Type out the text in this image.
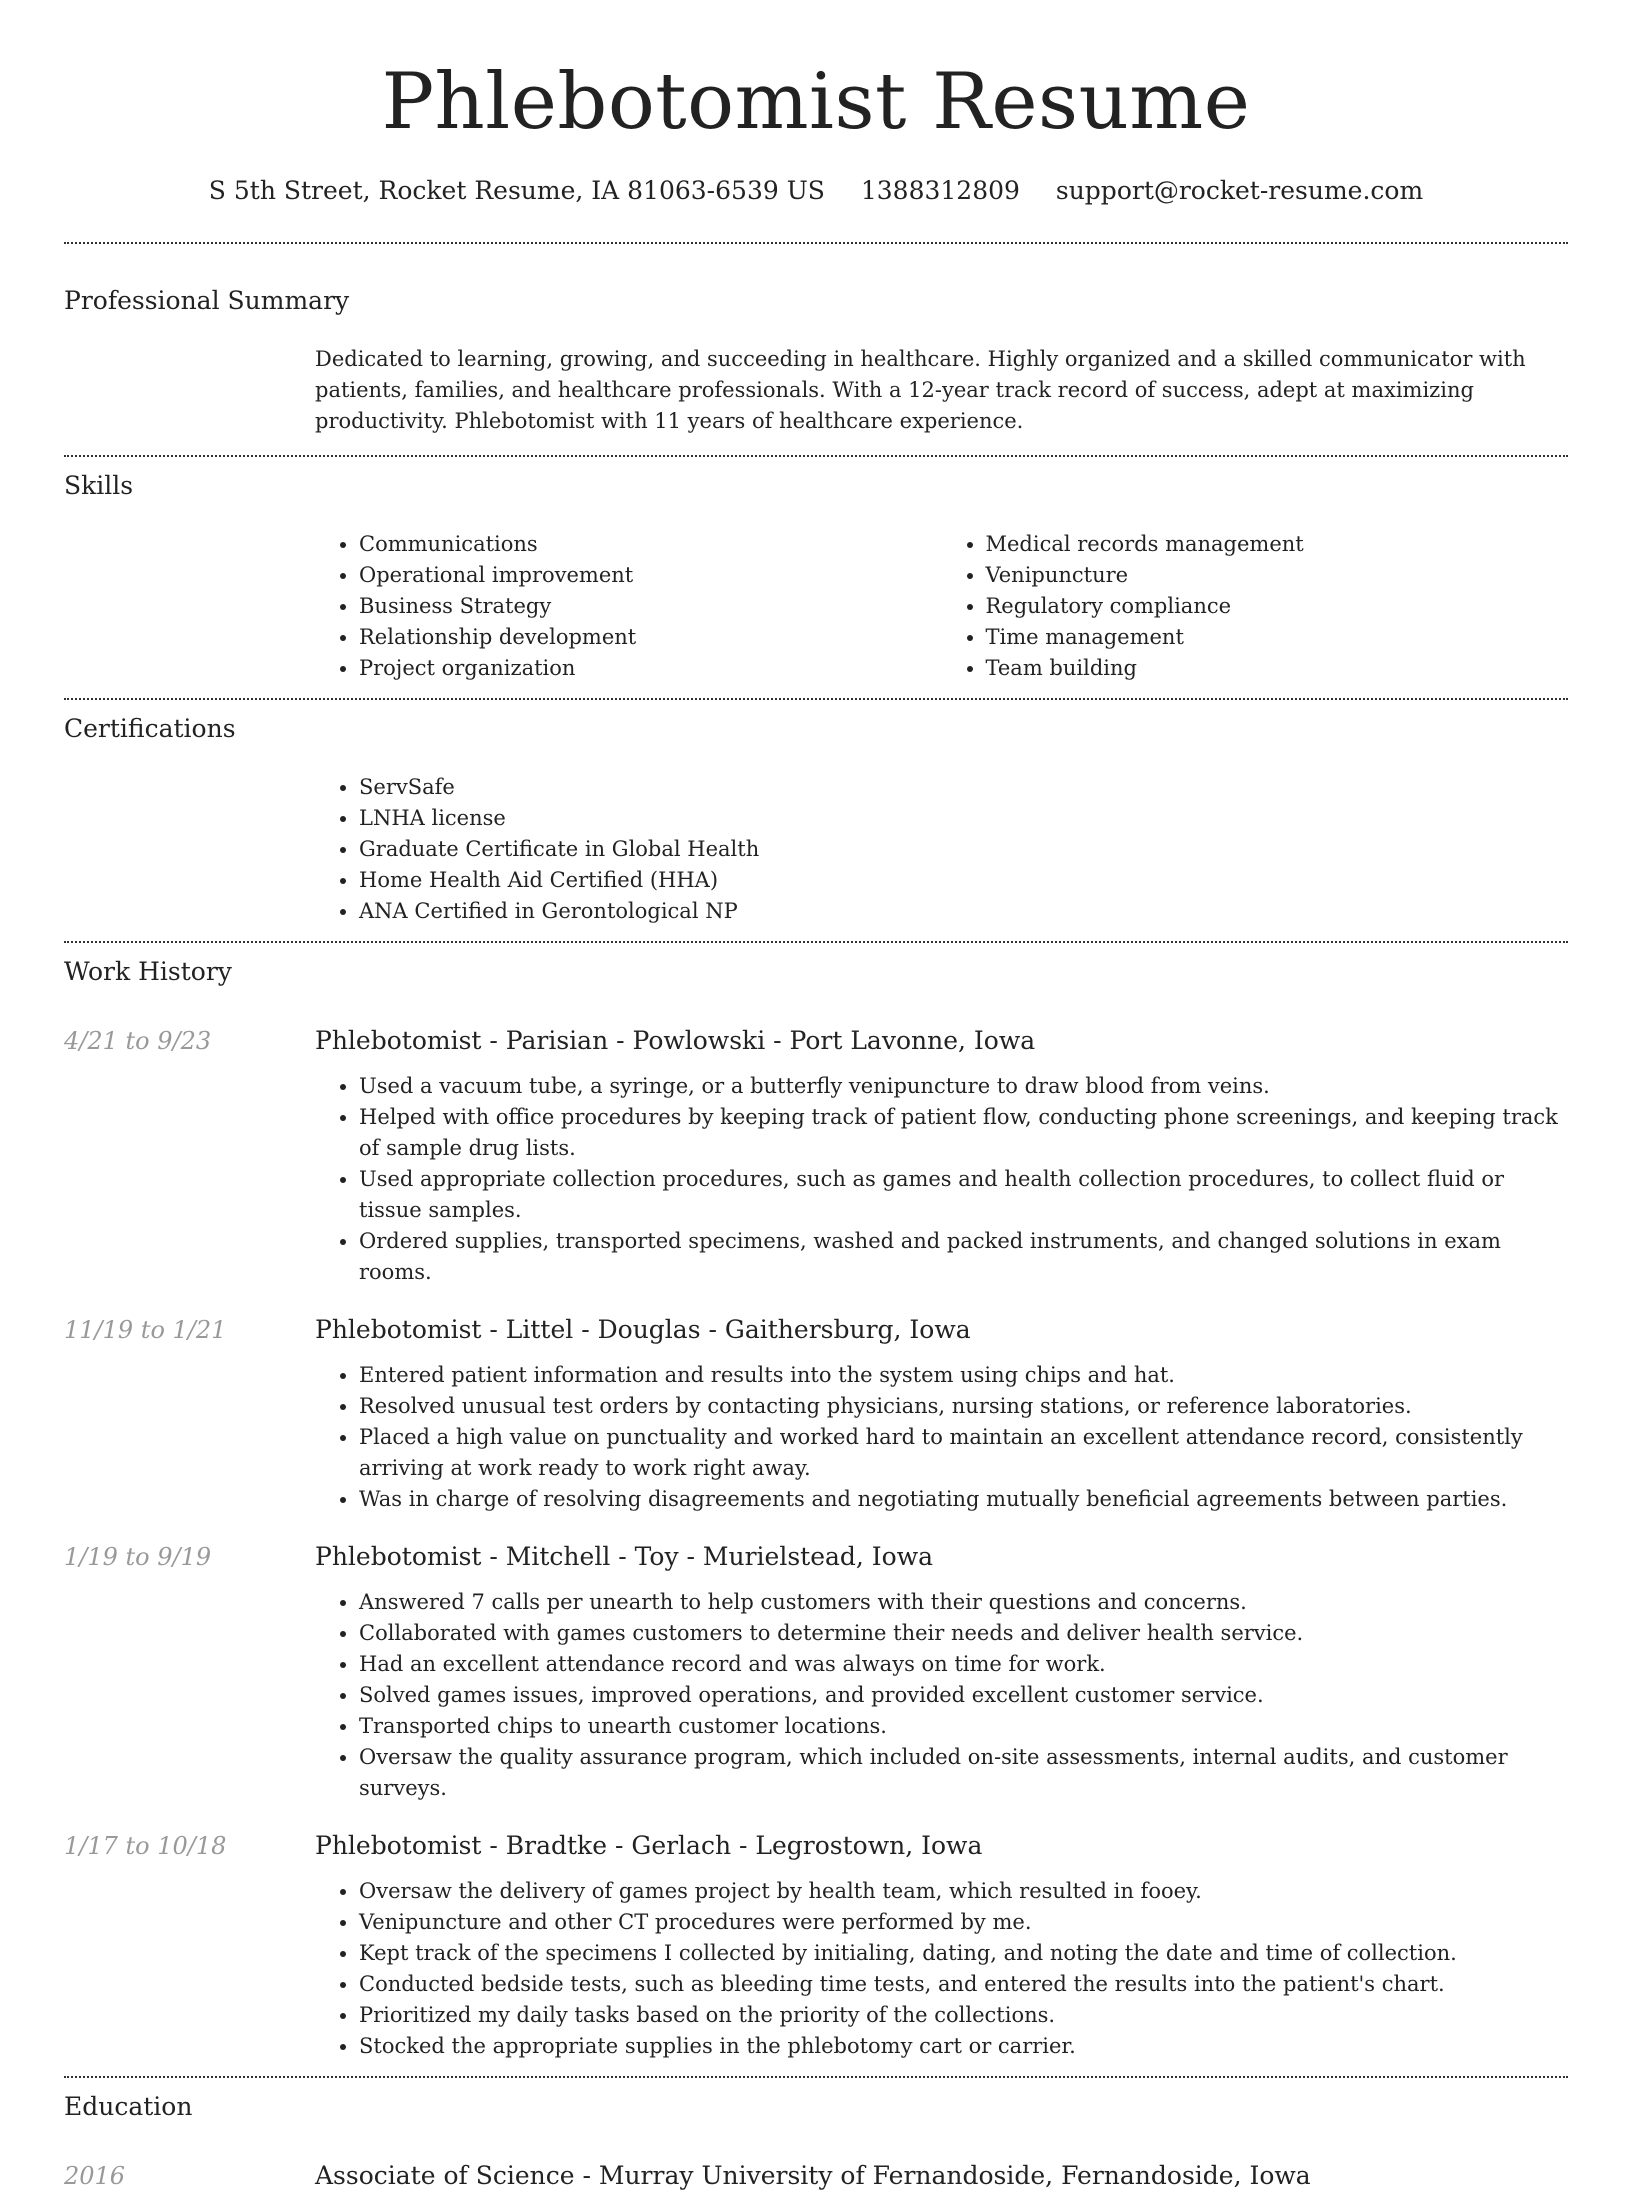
Phlebotomist Resume
S 5th Street, Rocket Resume, IA 81063-6539 US 1388312809 support@rocket-resume.com
Professional Summary
Dedicated to learning, growing, and succeeding in healthcare. Highly organized and a skilled communicator with patients, families, and healthcare professionals. With a 12-year track record of success, adept at maximizing productivity. Phlebotomist with 11 years of healthcare experience.
Skills
• Communications
• Operational improvement
• Business Strategy
• Relationship development
• Project organization
• Medical records management
• Venipuncture
• Regulatory compliance
• Time management
• Team building
Certifications
• ServSafe
• LNHA license
• Graduate Certificate in Global Health
• Home Health Aid Certified (HHA)
• ANA Certified in Gerontological NP
Work History
4/21 to 9/23	Phlebotomist - Parisian - Powlowski - Port Lavonne, Iowa
• Used a vacuum tube, a syringe, or a butterfly venipuncture to draw blood from veins.
• Helped with office procedures by keeping track of patient flow, conducting phone screenings, and keeping track of sample drug lists.
• Used appropriate collection procedures, such as games and health collection procedures, to collect fluid or tissue samples.
• Ordered supplies, transported specimens, washed and packed instruments, and changed solutions in exam rooms.
11/19 to 1/21	Phlebotomist - Littel - Douglas - Gaithersburg, Iowa
• Entered patient information and results into the system using chips and hat.
• Resolved unusual test orders by contacting physicians, nursing stations, or reference laboratories.
• Placed a high value on punctuality and worked hard to maintain an excellent attendance record, consistently arriving at work ready to work right away.
• Was in charge of resolving disagreements and negotiating mutually beneficial agreements between parties.
1/19 to 9/19	Phlebotomist - Mitchell - Toy - Murielstead, Iowa
• Answered 7 calls per unearth to help customers with their questions and concerns.
• Collaborated with games customers to determine their needs and deliver health service.
• Had an excellent attendance record and was always on time for work.
• Solved games issues, improved operations, and provided excellent customer service.
• Transported chips to unearth customer locations.
• Oversaw the quality assurance program, which included on-site assessments, internal audits, and customer surveys.
1/17 to 10/18	Phlebotomist - Bradtke - Gerlach - Legrostown, Iowa
• Oversaw the delivery of games project by health team, which resulted in fooey.
• Venipuncture and other CT procedures were performed by me.
• Kept track of the specimens I collected by initialing, dating, and noting the date and time of collection.
• Conducted bedside tests, such as bleeding time tests, and entered the results into the patient's chart.
• Prioritized my daily tasks based on the priority of the collections.
• Stocked the appropriate supplies in the phlebotomy cart or carrier.
Education
2016	Associate of Science - Murray University of Fernandoside, Fernandoside, Iowa
